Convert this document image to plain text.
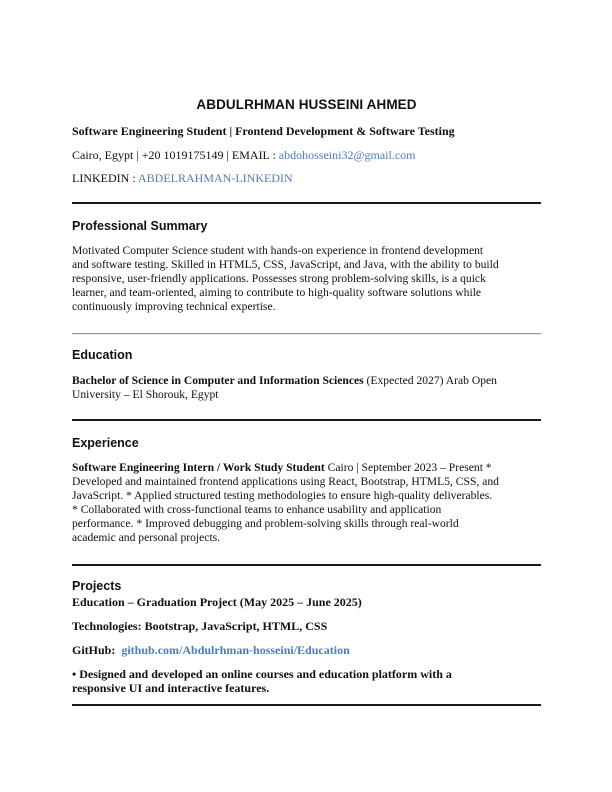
ABDULRHMAN HUSSEINI AHMED
Software Engineering Student | Frontend Development & Software Testing
Cairo, Egypt | +20 1019175149 | EMAIL : abdohosseini32@gmail.com
LINKEDIN : ABDELRAHMAN-LINKEDIN
Professional Summary
Motivated Computer Science student with hands-on experience in frontend development
and software testing. Skilled in HTML5, CSS, JavaScript, and Java, with the ability to build
responsive, user-friendly applications. Possesses strong problem-solving skills, is a quick
learner, and team-oriented, aiming to contribute to high-quality software solutions while
continuously improving technical expertise.
Education
Bachelor of Science in Computer and Information Sciences (Expected 2027) Arab Open
University – El Shorouk, Egypt
Experience
Software Engineering Intern / Work Study Student Cairo | September 2023 – Present *
Developed and maintained frontend applications using React, Bootstrap, HTML5, CSS, and
JavaScript. * Applied structured testing methodologies to ensure high-quality deliverables.
* Collaborated with cross-functional teams to enhance usability and application
performance. * Improved debugging and problem-solving skills through real-world
academic and personal projects.
Projects
Education – Graduation Project (May 2025 – June 2025)
Technologies: Bootstrap, JavaScript, HTML, CSS
GitHub: github.com/Abdulrhman-hosseini/Education
• Designed and developed an online courses and education platform with a
responsive UI and interactive features.
